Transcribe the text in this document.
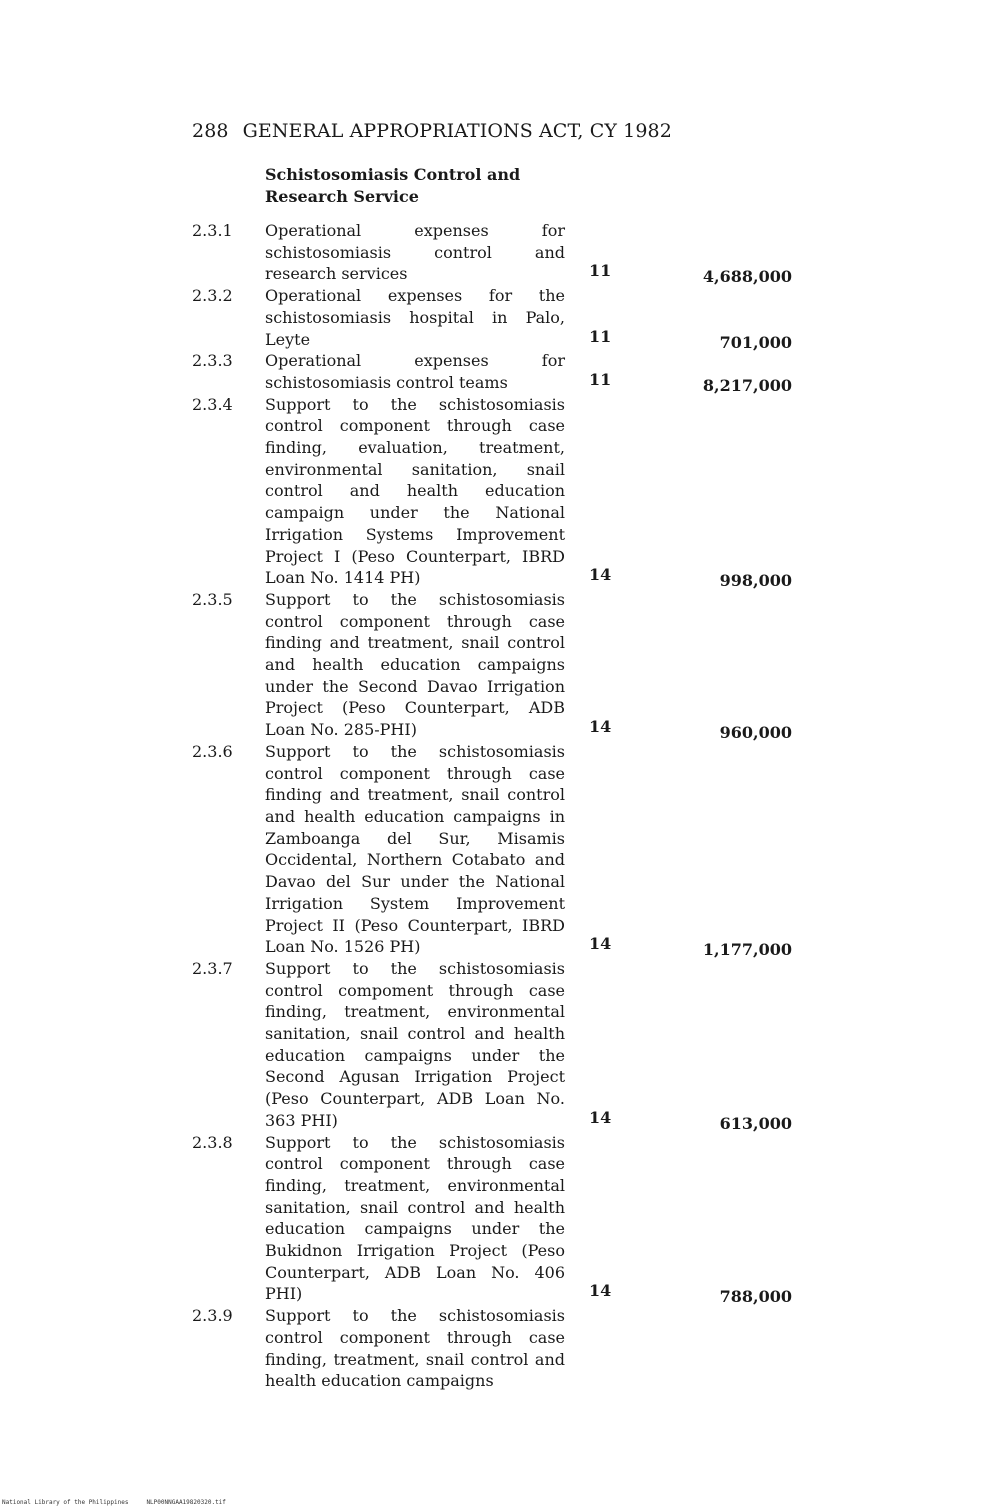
288 GENERAL APPROPRIATIONS ACT, CY 1982
Schistosomiasis Control and
Research Service
2.3.1	Operational expenses for schistosomiasis control and research services	11	4,688,000
2.3.2	Operational expenses for the schistosomiasis hospital in Palo, Leyte	11	701,000
2.3.3	Operational expenses for schistosomiasis control teams	11	8,217,000
2.3.4	Support to the schistosomiasis control component through case finding, evaluation, treatment, environmental sanitation, snail control and health education campaign under the National Irrigation Systems Improvement Project I (Peso Counterpart, IBRD Loan No. 1414 PH)	14	998,000
2.3.5	Support to the schistosomiasis control component through case finding and treatment, snail control and health education campaigns under the Second Davao Irrigation Project (Peso Counterpart, ADB Loan No. 285-PHI)	14	960,000
2.3.6	Support to the schistosomiasis control component through case finding and treatment, snail control and health education campaigns in Zamboanga del Sur, Misamis Occidental, Northern Cotabato and Davao del Sur under the National Irrigation System Improvement Project II (Peso Counterpart, IBRD Loan No. 1526 PH)	14	1,177,000
2.3.7	Support to the schistosomiasis control compoment through case finding, treatment, environmental sanitation, snail control and health education campaigns under the Second Agusan Irrigation Project (Peso Counterpart, ADB Loan No. 363 PHI)	14	613,000
2.3.8	Support to the schistosomiasis control component through case finding, treatment, environmental sanitation, snail control and health education campaigns under the Bukidnon Irrigation Project (Peso Counterpart, ADB Loan No. 406 PHI)	14	788,000
2.3.9	Support to the schistosomiasis control component through case finding, treatment, snail control and health education campaigns
National Library of the Philippines	NLP00NNGAA19820320.tif
